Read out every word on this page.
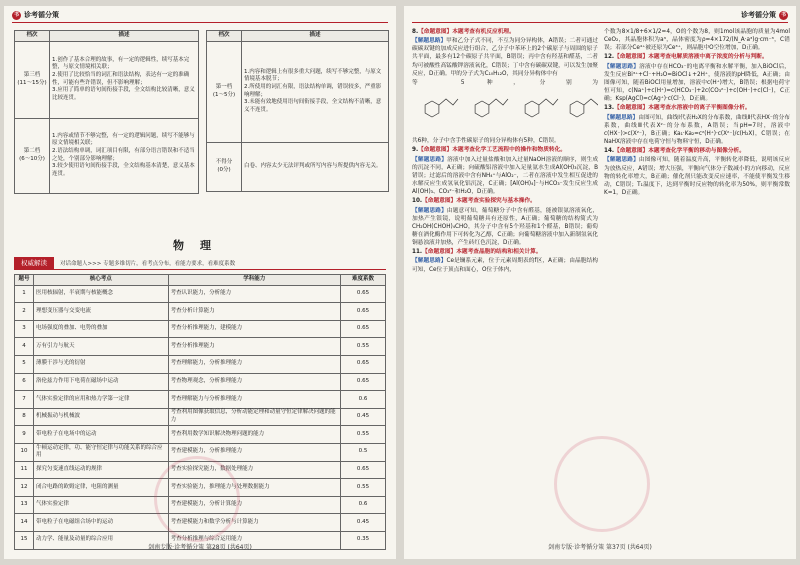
书 诊考循分策
档次	描述
第三档
(11～15分)	1.创作了基本合理的故事，有一定的逻辑性，续写基本完整，与原文情境相关联；
2.使用了比较恰当的词汇和语法结构，表达有一定的准确性，可能有些许错误，但不影响理解；
3.应用了简单的语句间衔接手段，全文结构比较清晰，意义比较连贯。
第二档
(6～10分)	1.内容或情节不够完整，有一定的逻辑问题，续写不能够与原文情境相关联；
2.语法结构单调，词汇项目有限，有部分语言错误和不适当之处，个别部分影响理解；
3.较少使用语句间衔接手段，全文结构基本清楚，意义基本连贯。
档次	描述
第一档
(1～5分)	1.内容和逻辑上有很多重大问题，续写不够完整，与原文情境基本脱节；
2.所使用的词汇有限，语法结构单调，错误较多，严重影响理解；
3.未能有效地使用语句间衔接手段，全文结构不清晰，意义不连贯。
不得分
(0分)	白卷、内容太少无法评判或所写内容与所提供内容无关。
物理
权威解读	对话命题人>>> 专题多维切片，看考点分布，看能力要求，看难度系数
题号	核心考点	学科能力	难度系数
1	医用核辐射，半衰期与核能概念	考查认识能力，分析能力	0.65
2	理想变压器与交变电流	考查分析计算能力	0.65
3	电场强度的叠加、电势的叠加	考查分析推理能力，建模能力	0.65
4	万有引力与航天	考查分析推理能力	0.55
5	薄膜干涉与光的衍射	考查理解能力，分析推理能力	0.65
6	洛伦兹力作用下电荷在磁场中运动	考查物理观念，分析推理能力	0.65
7	气体实验定律的应用和热力学第一定律	考查理解能力与分析推理能力	0.6
8	机械振动与机械波	考查利用图像获取信息，分析动能定理和动量守恒定律解决问题的能力	0.45
9	带电粒子在电场中的运动	考查利用数学知识解决物理问题的能力	0.55
10	牛顿运动定律，功、能守恒定律与功能关系的综合应用	考查建模能力，分析推理能力	0.5
11	探究匀变速直线运动的规律	考查实验探究能力，数据处理能力	0.65
12	闭合电路的欧姆定律，电阻的测量	考查实验能力，推理能力与处理数据能力	0.55
13	气体实验定律	考查建模能力，分析计算能力	0.6
14	带电粒子在电磁组合场中的运动	考查建模能力和数学分析与计算能力	0.45
15	动力学、能量及动量的综合应用	考查分析推理与综合运用能力	0.35
剑南专版·诊考循分策 第28页 (共64页)
诊考循分策 书

8.【命题意图】本题考查有机反应机理。

【解题思路】甲和乙分子式不同，不互为同分异构体，A错误；二者可通过碳碳双键的加成反应进行组合，乙分子中苯环上的2个碳原子与周围的原子共平面，最多有12个碳原子共平面，B错误；丙中含有羟基和醛基，二者均可被酸性高锰酸钾溶液氧化，C错误；丁中含有碳碳双键，可以发生加聚反应，D正确。甲的分子式为C₁₀H₁₂O，其同分异构体中有

等 5 种，分别为

共6种，分子中含手性碳原子的同分异构体有5种，C错误。

9.【命题意图】本题考查化学工艺流程中的操作和物质转化。

【解题思路】溶液中加入过量盐酸和加入过量NaOH溶液的顺序，则生成的沉淀不同，A正确；向硫酸铝溶液中加入足量氨水生成Al(OH)₃沉淀，B错误；过滤后的溶液中含有NH₄⁺与AlO₂⁻，二者在溶液中发生相互促进的水解反应生成氢氧化铝沉淀，C正确；[Al(OH)₄]⁻与HCO₃⁻发生反应生成Al(OH)₃、CO₃²⁻和H₂O，D正确。

10.【命题意图】本题考查实验探究与基本操作。

【解题思路】由题意可知，葡萄糖分子中含有醛基，能被银氨溶液氧化，加热产生银镜，说明葡萄糖具有还原性，A正确；葡萄糖的结构简式为CH₂OH(CHOH)₄CHO，其分子中含有5个羟基和1个醛基，B错误；葡萄糖在酒化酶作用下可转化为乙醇，C正确；向葡萄糖溶液中加入新制氢氧化铜悬浊液并加热，产生砖红色沉淀，D正确。

11.【命题意图】本题考查晶胞的结构和相关计算。

【解题思路】Ce是镧系元素，位于元素周期表的f区，A正确；由晶胞结构可知，Ce位于顶点和面心，O位于体内，

个数为8×1/8+6×1/2=4，O的个数为8，则1mol该晶胞的质量为4mol CeO₂，其晶胞体积为a³，晶体密度为ρ=4×172/(N_A·a³)g·cm⁻³，C错误；若部分Ce⁴⁺被还原为Ce³⁺，则晶胞中O空位增加，D正确。

12.【命题意图】本题考查电解质溶液中离子浓度的分析与判断。

【解题思路】溶液中存在HCO₃⁻的电离平衡和水解平衡，加入BiOCl后，发生反应Bi³⁺+Cl⁻+H₂O=BiOCl↓+2H⁺，使溶液的pH降低，A正确；由图像可知，随着BiOCl用量增加，溶液中c(H⁺)增大，B错误；根据电荷守恒可知，c(Na⁺)+c(H⁺)=c(HCO₃⁻)+2c(CO₃²⁻)+c(OH⁻)+c(Cl⁻)，C正确；Ksp(AgCl)=c(Ag⁺)·c(Cl⁻)，D正确。

13.【命题意图】本题考查水溶液中的离子平衡图像分析。

【解题思路】由图可知，曲线Ⅰ代表H₂X的分布系数，曲线Ⅱ代表HX⁻的分布系数，曲线Ⅲ代表X²⁻的分布系数，A错误；当pH=7时，溶液中c(HX⁻)>c(X²⁻)，B正确；Ka₁·Ka₂=c²(H⁺)·c(X²⁻)/c(H₂X)，C错误；在NaHX溶液中存在电荷守恒与物料守恒，D正确。

14.【命题意图】本题考查化学平衡的移动与图像分析。

【解题思路】由图像可知，随着温度升高，平衡转化率降低，说明该反应为放热反应，A错误；增大压强，平衡向气体分子数减小的方向移动，反应物的转化率增大，B正确；催化剂只能改变反应速率，不能使平衡发生移动，C错误；T₁温度下，达到平衡时反应物的转化率为50%，则平衡常数K=1，D正确。

剑南专版·诊考循分策 第37页 (共64页)
